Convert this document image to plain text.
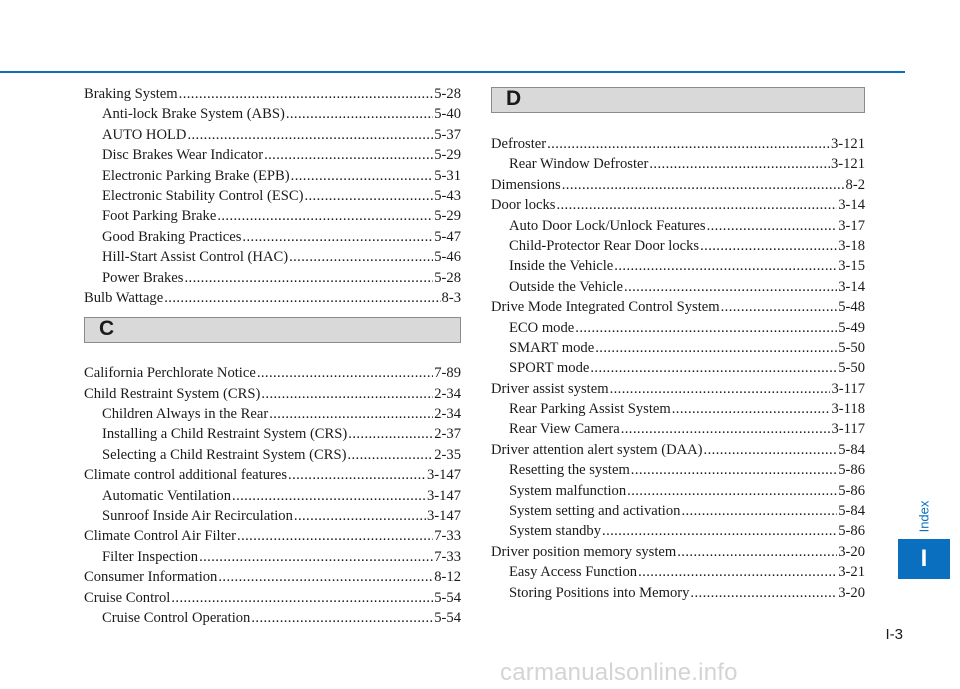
Braking System .....	5-28
Anti-lock Brake System (ABS) .....	5-40
AUTO HOLD .....	5-37
Disc Brakes Wear Indicator .....	5-29
Electronic Parking Brake (EPB) .....	5-31
Electronic Stability Control (ESC) .....	5-43
Foot Parking Brake .....	5-29
Good Braking Practices .....	5-47
Hill-Start Assist Control (HAC) .....	5-46
Power Brakes .....	5-28
Bulb Wattage .....	8-3
C
California Perchlorate Notice .....	7-89
Child Restraint System (CRS) .....	2-34
Children Always in the Rear .....	2-34
Installing a Child Restraint System (CRS) .....	2-37
Selecting a Child Restraint System (CRS) .....	2-35
Climate control additional features .....	3-147
Automatic Ventilation .....	3-147
Sunroof Inside Air Recirculation .....	3-147
Climate Control Air Filter .....	7-33
Filter Inspection .....	7-33
Consumer Information .....	8-12
Cruise Control .....	5-54
Cruise Control Operation .....	5-54
D
Defroster .....	3-121
Rear Window Defroster .....	3-121
Dimensions .....	8-2
Door locks .....	3-14
Auto Door Lock/Unlock Features .....	3-17
Child-Protector Rear Door locks .....	3-18
Inside the Vehicle .....	3-15
Outside the Vehicle .....	3-14
Drive Mode Integrated Control System .....	5-48
ECO mode .....	5-49
SMART mode .....	5-50
SPORT mode .....	5-50
Driver assist system .....	3-117
Rear Parking Assist System .....	3-118
Rear View Camera .....	3-117
Driver attention alert system (DAA) .....	5-84
Resetting the system .....	5-86
System malfunction .....	5-86
System setting and activation .....	5-84
System standby .....	5-86
Driver position memory system .....	3-20
Easy Access Function .....	3-21
Storing Positions into Memory .....	3-20
Index
I
I-3
carmanualsonline.info
